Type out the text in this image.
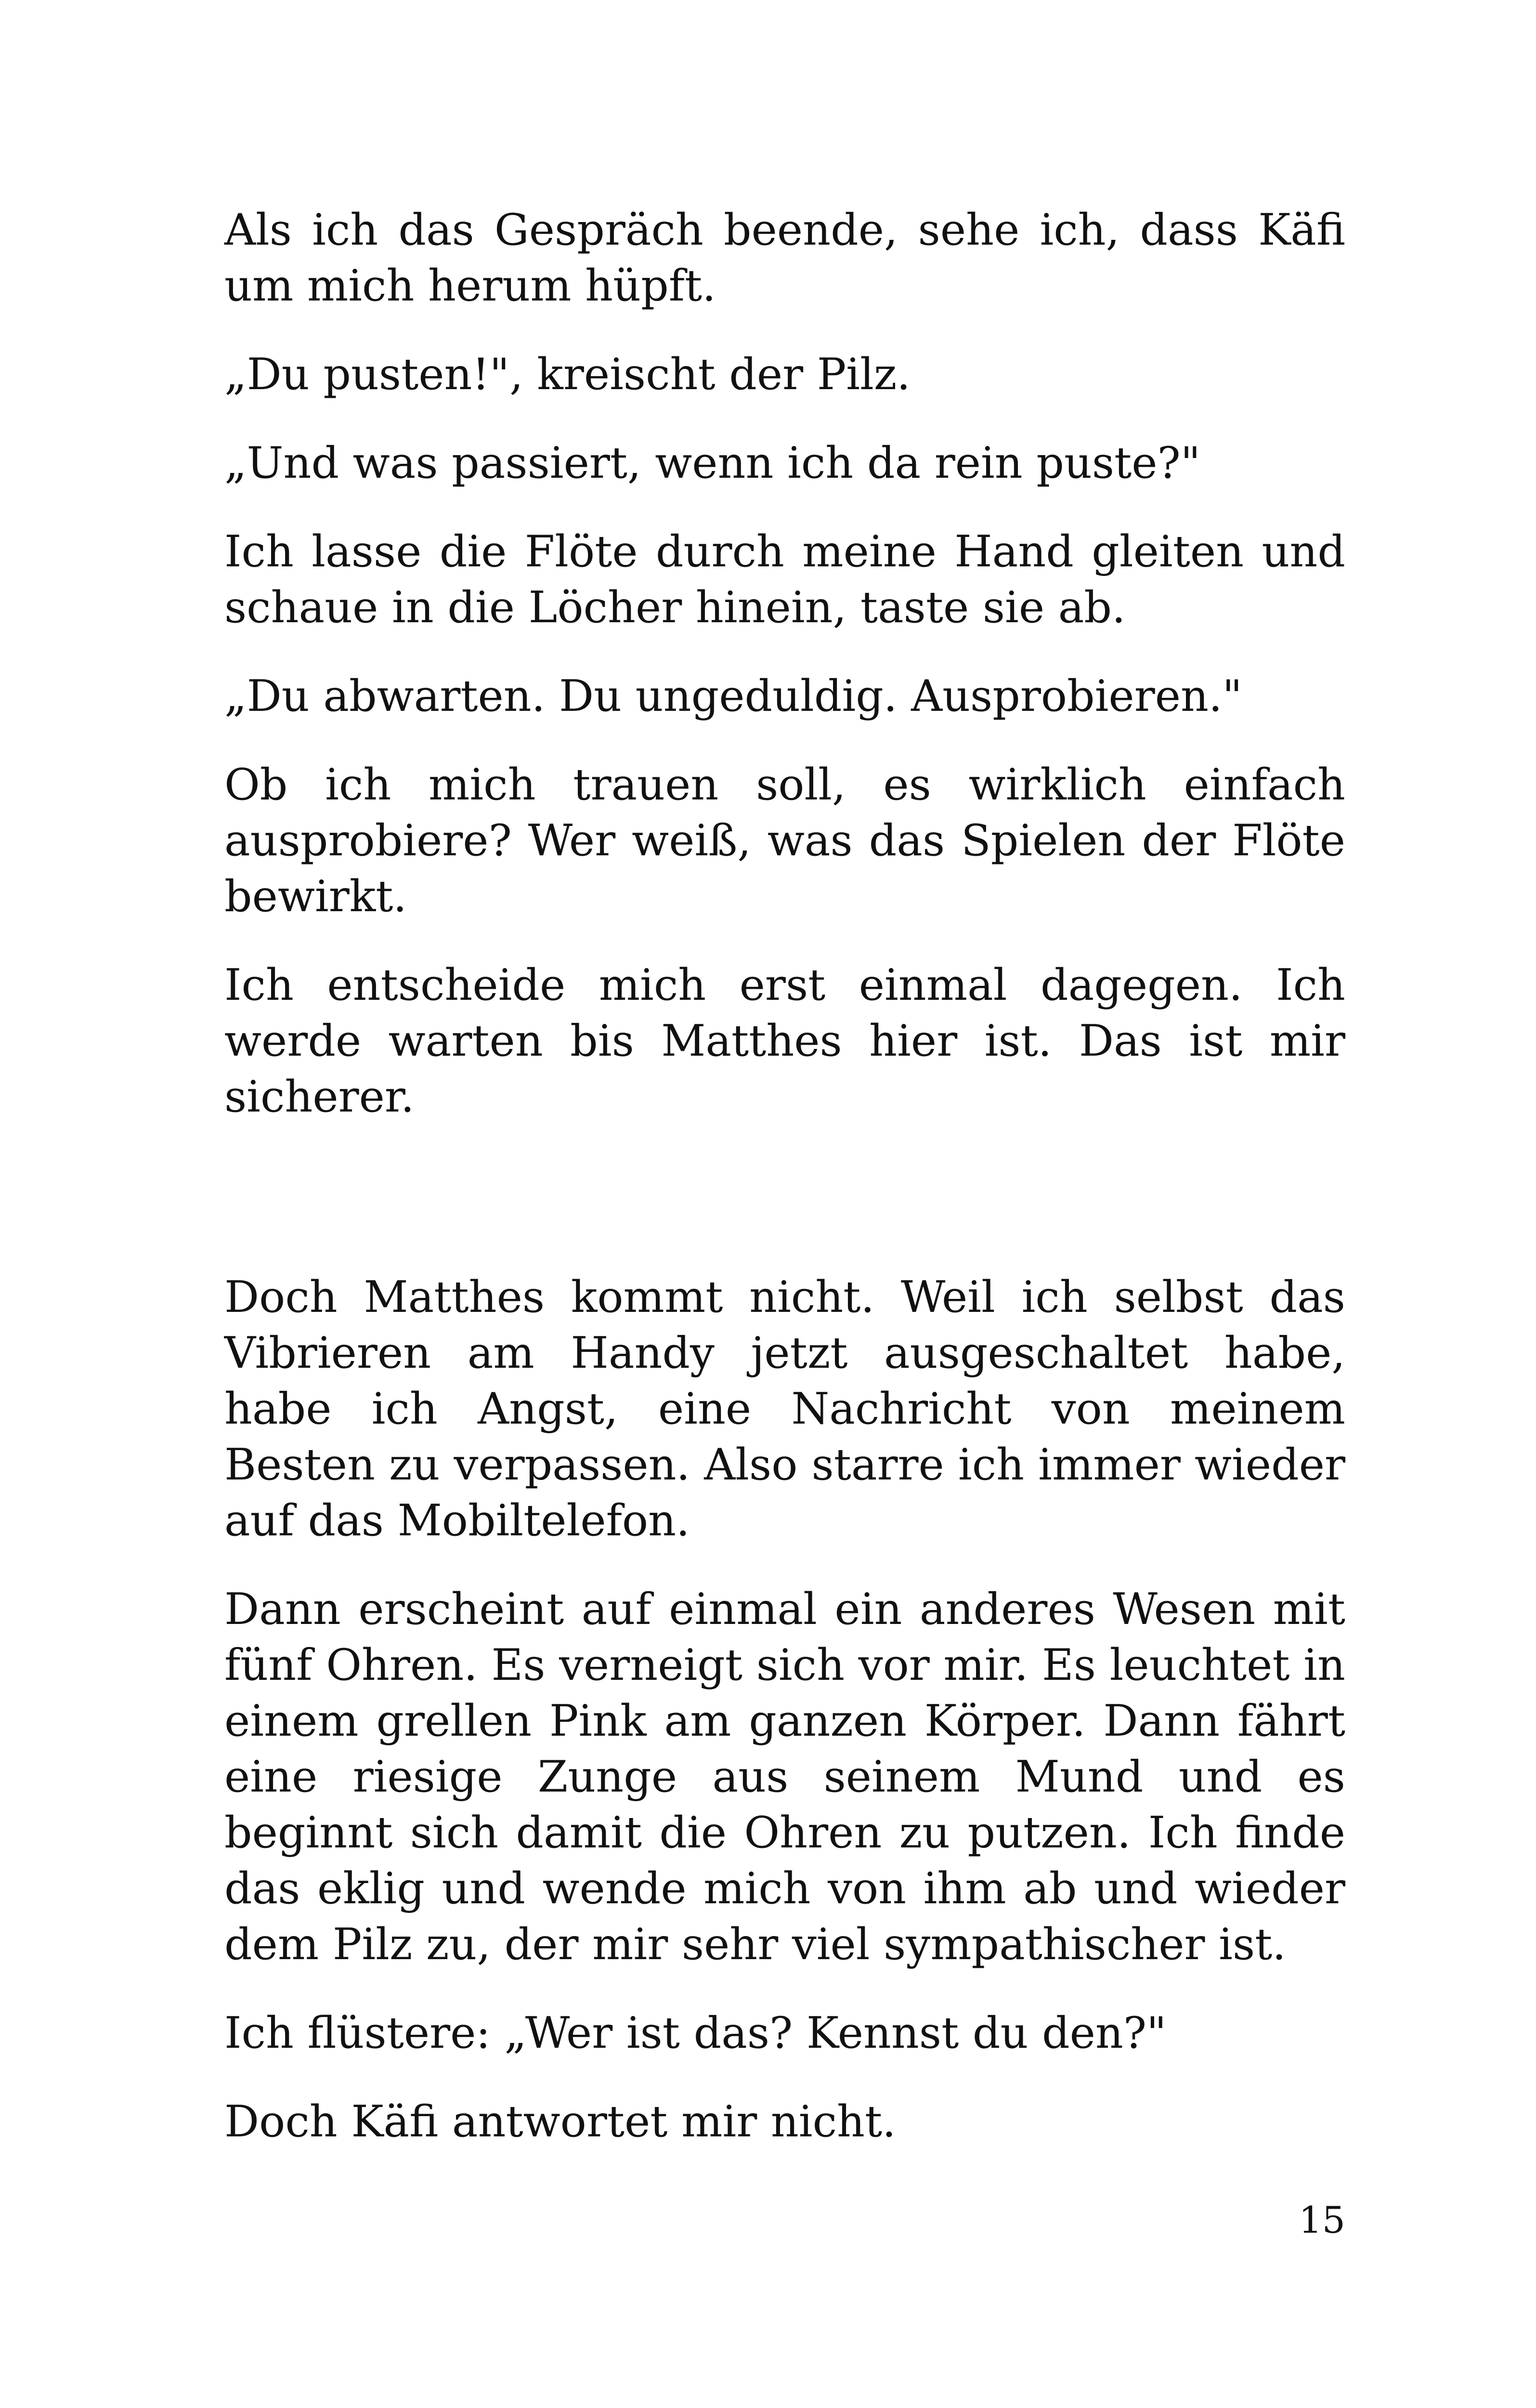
Als ich das Gespräch beende, sehe ich, dass Käfi um mich herum hüpft.

„Du pusten!", kreischt der Pilz.

„Und was passiert, wenn ich da rein puste?"

Ich lasse die Flöte durch meine Hand gleiten und schaue in die Löcher hinein, taste sie ab.

„Du abwarten. Du ungeduldig. Ausprobieren."

Ob ich mich trauen soll, es wirklich einfach ausprobiere? Wer weiß, was das Spielen der Flöte bewirkt.

Ich entscheide mich erst einmal dagegen. Ich werde warten bis Matthes hier ist. Das ist mir sicherer.

Doch Matthes kommt nicht. Weil ich selbst das Vibrieren am Handy jetzt ausgeschaltet habe, habe ich Angst, eine Nachricht von meinem Besten zu verpassen. Also starre ich immer wieder auf das Mobiltelefon.

Dann erscheint auf einmal ein anderes Wesen mit fünf Ohren. Es verneigt sich vor mir. Es leuchtet in einem grellen Pink am ganzen Körper. Dann fährt eine riesige Zunge aus seinem Mund und es beginnt sich damit die Ohren zu putzen. Ich finde das eklig und wende mich von ihm ab und wieder dem Pilz zu, der mir sehr viel sympathischer ist.

Ich flüstere: „Wer ist das? Kennst du den?"

Doch Käfi antwortet mir nicht.

15
